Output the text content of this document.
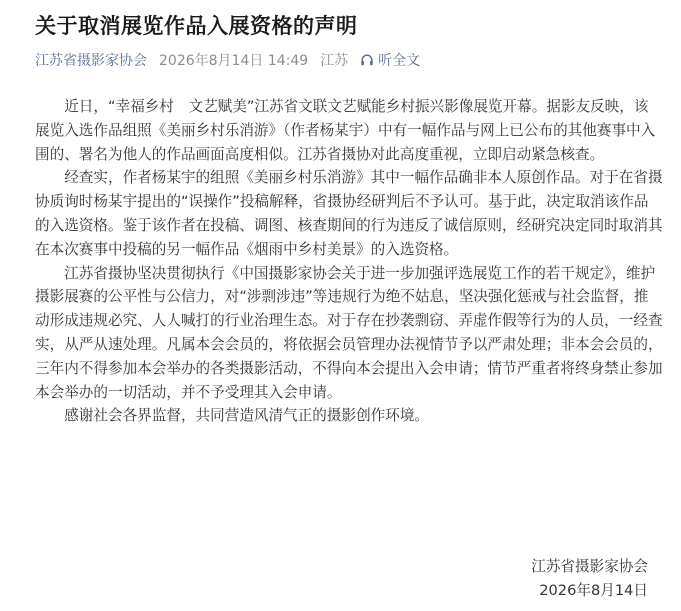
关于取消展览作品入展资格的声明
江苏省摄影家协会 2026年8月14日 14:49 江苏 听全文

近日，“幸福乡村　文艺赋美”江苏省文联文艺赋能乡村振兴影像展览开幕。据影友反映，该展览入选作品组照《美丽乡村乐消游》（作者杨某宇）中有一幅作品与网上已公布的其他赛事中入围的、署名为他人的作品画面高度相似。江苏省摄协对此高度重视，立即启动紧急核查。

经查实，作者杨某宇的组照《美丽乡村乐消游》其中一幅作品确非本人原创作品。对于在省摄协质询时杨某宇提出的“误操作”投稿解释，省摄协经研判后不予认可。基于此，决定取消该作品的入选资格。鉴于该作者在投稿、调图、核查期间的行为违反了诚信原则，经研究决定同时取消其在本次赛事中投稿的另一幅作品《烟雨中乡村美景》的入选资格。

江苏省摄协坚决贯彻执行《中国摄影家协会关于进一步加强评选展览工作的若干规定》，维护摄影展赛的公平性与公信力，对“涉剽涉违”等违规行为绝不姑息，坚决强化惩戒与社会监督，推动形成违规必究、人人喊打的行业治理生态。对于存在抄袭剽窃、弄虚作假等行为的人员，一经查实，从严从速处理。凡属本会会员的，将依据会员管理办法视情节予以严肃处理；非本会会员的，三年内不得参加本会举办的各类摄影活动，不得向本会提出入会申请；情节严重者将终身禁止参加本会举办的一切活动，并不予受理其入会申请。

感谢社会各界监督，共同营造风清气正的摄影创作环境。

江苏省摄影家协会
2026年8月14日
